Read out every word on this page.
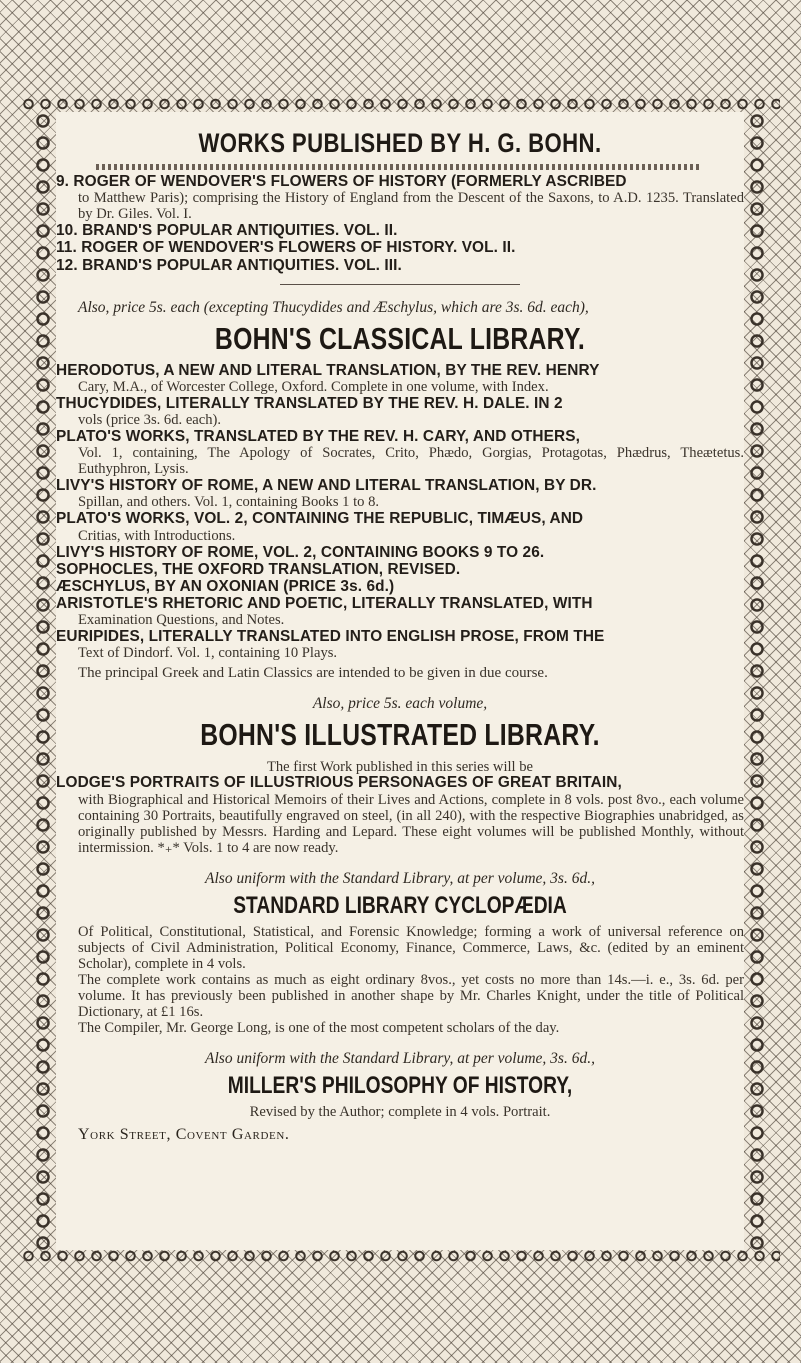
WORKS PUBLISHED BY H. G. BOHN.
9. ROGER OF WENDOVER'S FLOWERS OF HISTORY (FORMERLY ASCRIBED
to Matthew Paris); comprising the History of England from the Descent of the Saxons, to A.D. 1235. Translated by Dr. Giles. Vol. I.
10. BRAND'S POPULAR ANTIQUITIES. VOL. II.
11. ROGER OF WENDOVER'S FLOWERS OF HISTORY. VOL. II.
12. BRAND'S POPULAR ANTIQUITIES. VOL. III.
Also, price 5s. each (excepting Thucydides and Æschylus, which are 3s. 6d. each),
BOHN'S CLASSICAL LIBRARY.
HERODOTUS, A NEW AND LITERAL TRANSLATION, BY THE REV. HENRY
Cary, M.A., of Worcester College, Oxford. Complete in one volume, with Index.
THUCYDIDES, LITERALLY TRANSLATED BY THE REV. H. DALE. IN 2
vols (price 3s. 6d. each).
PLATO'S WORKS, TRANSLATED BY THE REV. H. CARY, AND OTHERS,
Vol. 1, containing, The Apology of Socrates, Crito, Phædo, Gorgias, Protagotas, Phædrus, Theætetus. Euthyphron, Lysis.
LIVY'S HISTORY OF ROME, A NEW AND LITERAL TRANSLATION, BY DR.
Spillan, and others. Vol. 1, containing Books 1 to 8.
PLATO'S WORKS, VOL. 2, CONTAINING THE REPUBLIC, TIMÆUS, AND
Critias, with Introductions.
LIVY'S HISTORY OF ROME, VOL. 2, CONTAINING BOOKS 9 TO 26.
SOPHOCLES, THE OXFORD TRANSLATION, REVISED.
ÆSCHYLUS, BY AN OXONIAN (PRICE 3s. 6d.)
ARISTOTLE'S RHETORIC AND POETIC, LITERALLY TRANSLATED, WITH
Examination Questions, and Notes.
EURIPIDES, LITERALLY TRANSLATED INTO ENGLISH PROSE, FROM THE
Text of Dindorf. Vol. 1, containing 10 Plays.
The principal Greek and Latin Classics are intended to be given in due course.
Also, price 5s. each volume,
BOHN'S ILLUSTRATED LIBRARY.
The first Work published in this series will be
LODGE'S PORTRAITS OF ILLUSTRIOUS PERSONAGES OF GREAT BRITAIN,
with Biographical and Historical Memoirs of their Lives and Actions, complete in 8 vols. post 8vo., each volume containing 30 Portraits, beautifully engraved on steel, (in all 240), with the respective Biographies unabridged, as originally published by Messrs. Harding and Lepard. These eight volumes will be published Monthly, without intermission. *₊* Vols. 1 to 4 are now ready.
Also uniform with the Standard Library, at per volume, 3s. 6d.,
STANDARD LIBRARY CYCLOPÆDIA
Of Political, Constitutional, Statistical, and Forensic Knowledge; forming a work of universal reference on subjects of Civil Administration, Political Economy, Finance, Commerce, Laws, &c. (edited by an eminent Scholar), complete in 4 vols.
The complete work contains as much as eight ordinary 8vos., yet costs no more than 14s.—i. e., 3s. 6d. per volume. It has previously been published in another shape by Mr. Charles Knight, under the title of Political Dictionary, at £1 16s.
The Compiler, Mr. George Long, is one of the most competent scholars of the day.
Also uniform with the Standard Library, at per volume, 3s. 6d.,
MILLER'S PHILOSOPHY OF HISTORY,
Revised by the Author; complete in 4 vols. Portrait.
York Street, Covent Garden.
